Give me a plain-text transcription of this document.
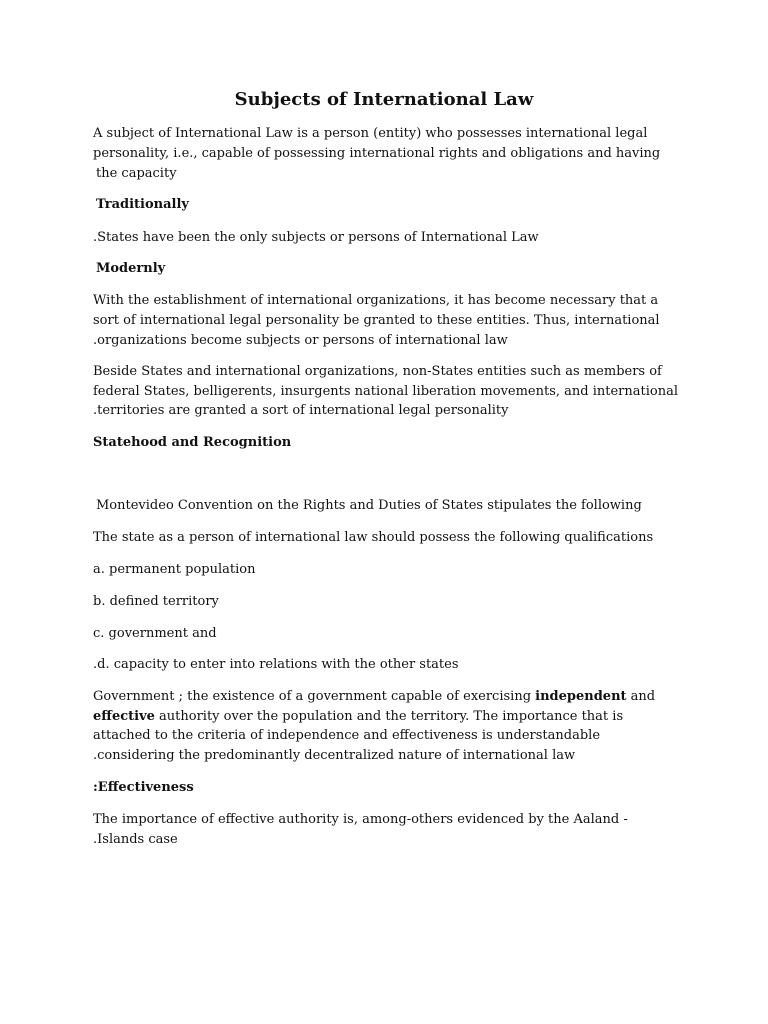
Subjects of International Law
A subject of International Law is a person (entity) who possesses international legal
personality, i.e., capable of possessing international rights and obligations and having
the capacity
Traditionally
.States have been the only subjects or persons of International Law
Modernly
With the establishment of international organizations, it has become necessary that a
sort of international legal personality be granted to these entities. Thus, international
.organizations become subjects or persons of international law
Beside States and international organizations, non-States entities such as members of
federal States, belligerents, insurgents national liberation movements, and international
.territories are granted a sort of international legal personality
Statehood and Recognition
Montevideo Convention on the Rights and Duties of States stipulates the following
The state as a person of international law should possess the following qualifications
a. permanent population
b. defined territory
c. government and
.d. capacity to enter into relations with the other states
Government ; the existence of a government capable of exercising independent and
effective authority over the population and the territory. The importance that is
attached to the criteria of independence and effectiveness is understandable
.considering the predominantly decentralized nature of international law
:Effectiveness
The importance of effective authority is, among-others evidenced by the Aaland -
.Islands case
